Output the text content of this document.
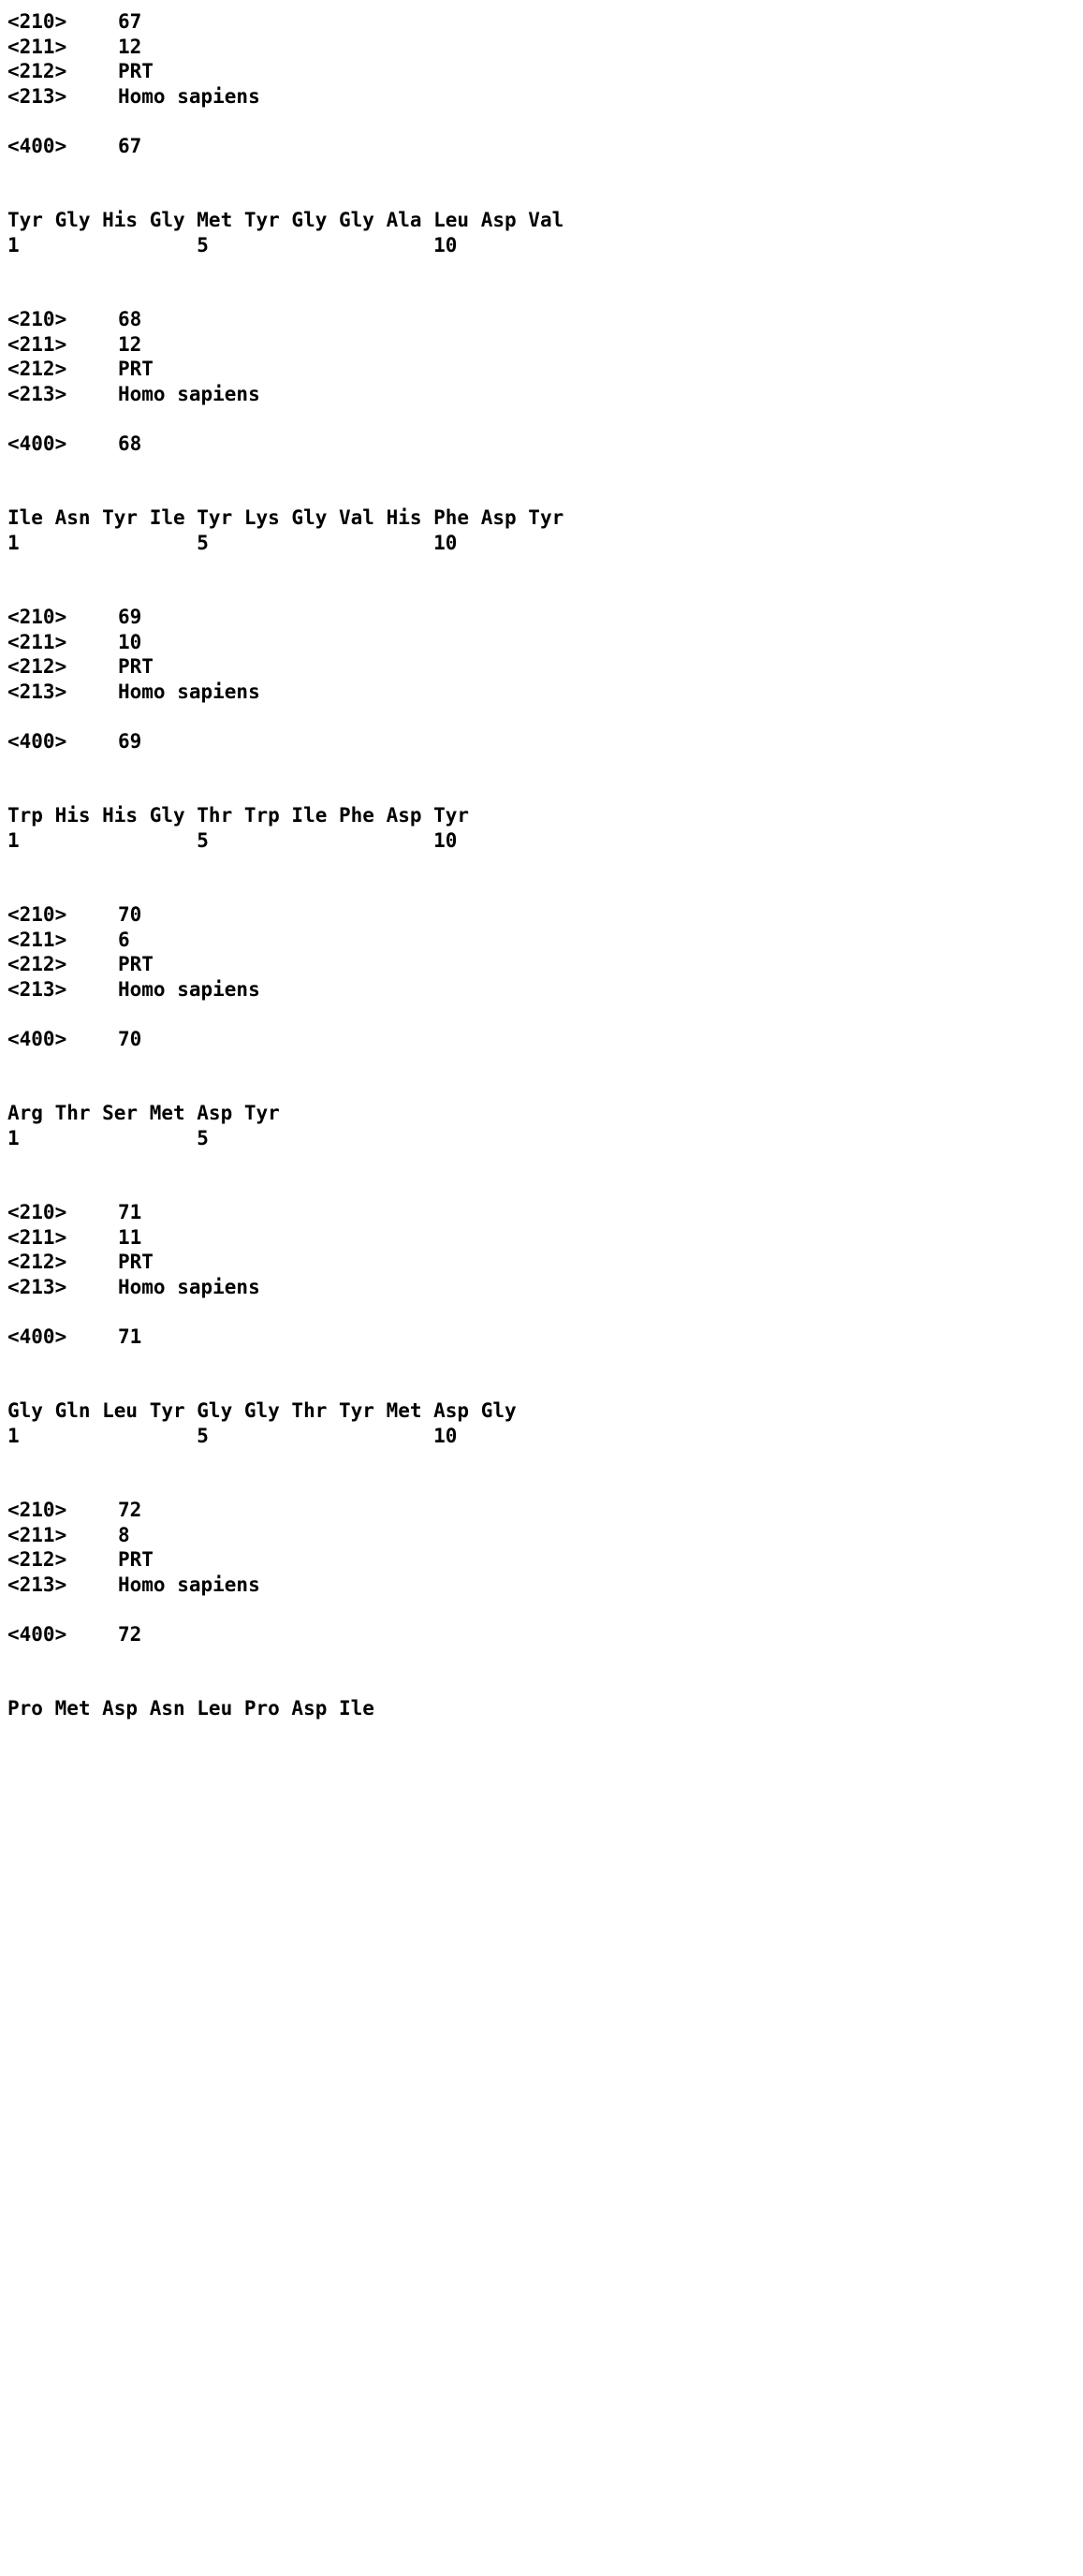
<210>	67
<211>	12
<212>	PRT
<213>	Homo sapiens

<400>	67

Tyr Gly His Gly Met Tyr Gly Gly Ala Leu Asp Val
1               5                   10

<210>	68
<211>	12
<212>	PRT
<213>	Homo sapiens

<400>	68

Ile Asn Tyr Ile Tyr Lys Gly Val His Phe Asp Tyr
1               5                   10

<210>	69
<211>	10
<212>	PRT
<213>	Homo sapiens

<400>	69

Trp His His Gly Thr Trp Ile Phe Asp Tyr
1               5                   10

<210>	70
<211>	6
<212>	PRT
<213>	Homo sapiens

<400>	70

Arg Thr Ser Met Asp Tyr
1               5

<210>	71
<211>	11
<212>	PRT
<213>	Homo sapiens

<400>	71

Gly Gln Leu Tyr Gly Gly Thr Tyr Met Asp Gly
1               5                   10

<210>	72
<211>	8
<212>	PRT
<213>	Homo sapiens

<400>	72

Pro Met Asp Asn Leu Pro Asp Ile
